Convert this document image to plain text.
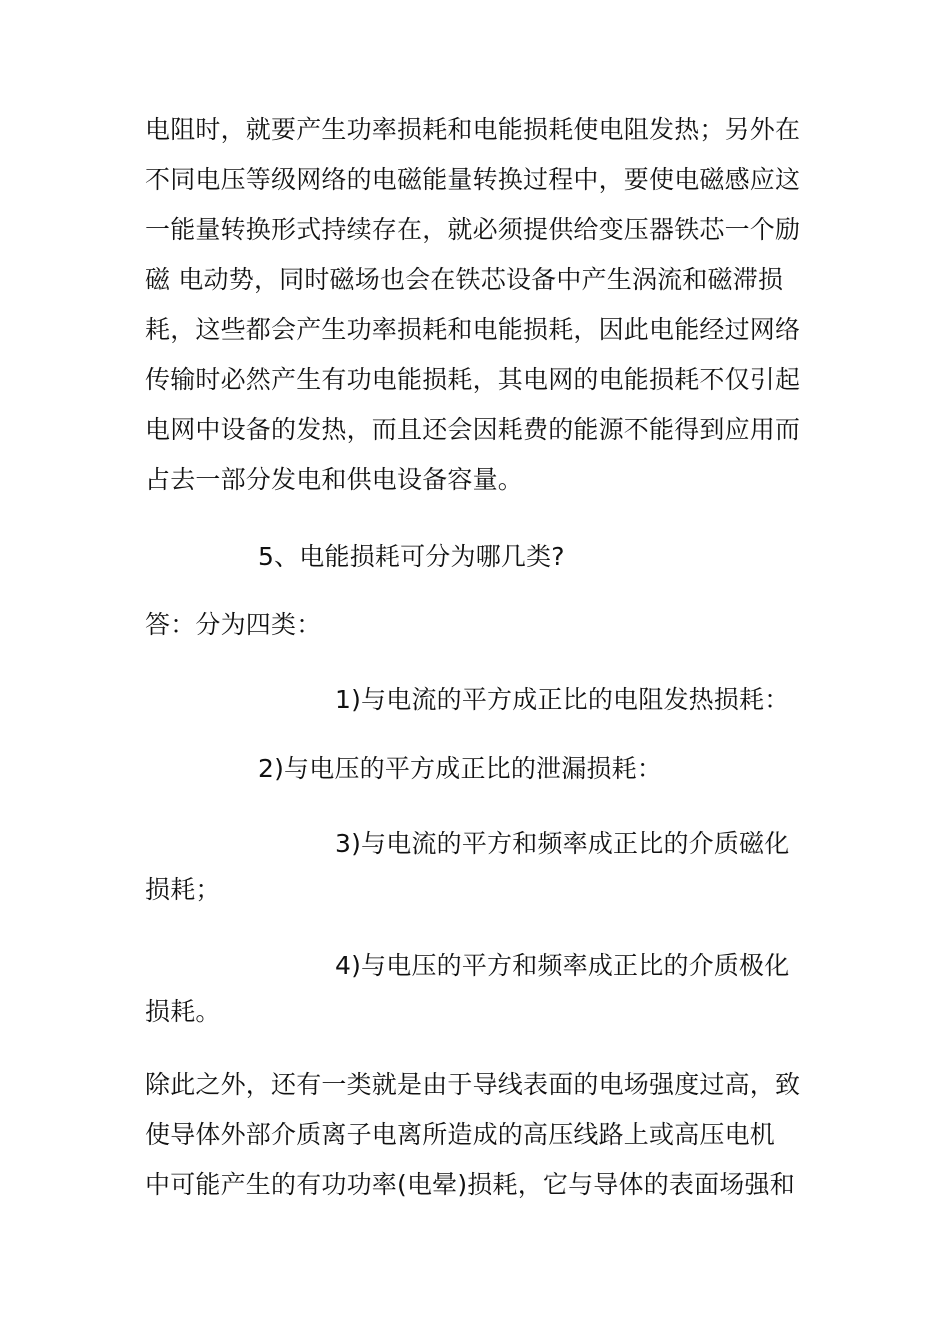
电阻时，就要产生功率损耗和电能损耗使电阻发热；另外在
不同电压等级网络的电磁能量转换过程中，要使电磁感应这
一能量转换形式持续存在，就必须提供给变压器铁芯一个励
磁 电动势，同时磁场也会在铁芯设备中产生涡流和磁滞损
耗，这些都会产生功率损耗和电能损耗，因此电能经过网络
传输时必然产生有功电能损耗，其电网的电能损耗不仅引起
电网中设备的发热，而且还会因耗费的能源不能得到应用而
占去一部分发电和供电设备容量。
5、电能损耗可分为哪几类?
答：分为四类：
1)与电流的平方成正比的电阻发热损耗：
2)与电压的平方成正比的泄漏损耗：
3)与电流的平方和频率成正比的介质磁化
损耗；
4)与电压的平方和频率成正比的介质极化
损耗。
除此之外，还有一类就是由于导线表面的电场强度过高，致
使导体外部介质离子电离所造成的高压线路上或高压电机
中可能产生的有功功率(电晕)损耗，它与导体的表面场强和
